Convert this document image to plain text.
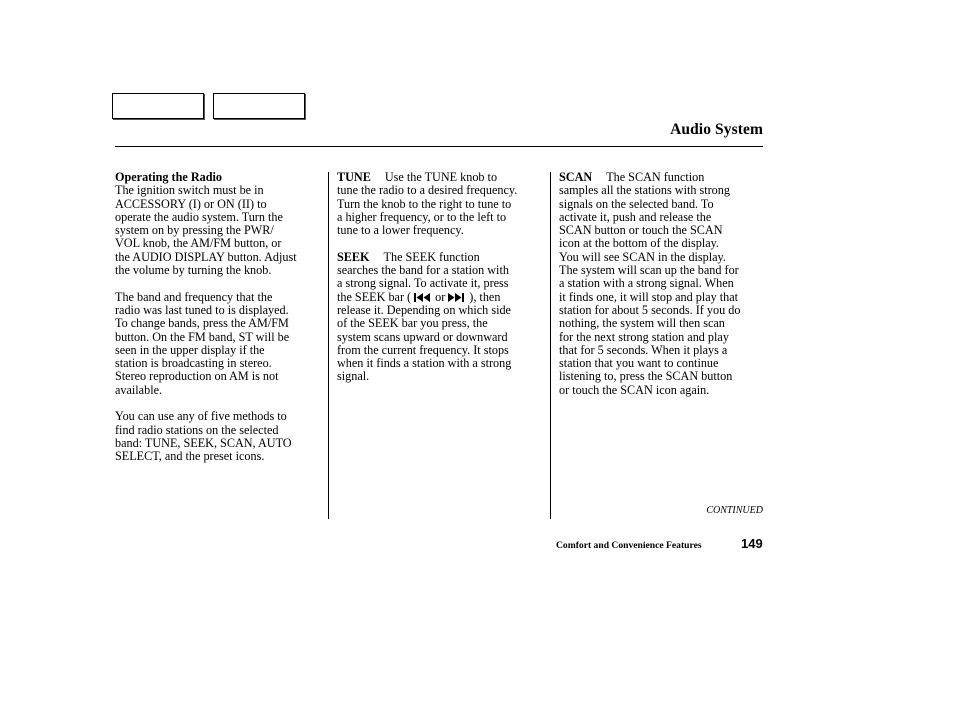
Audio System
Operating the Radio

The ignition switch must be in
ACCESSORY (I) or ON (II) to
operate the audio system. Turn the
system on by pressing the PWR/
VOL knob, the AM/FM button, or
the AUDIO DISPLAY button. Adjust
the volume by turning the knob.

The band and frequency that the
radio was last tuned to is displayed.
To change bands, press the AM/FM
button. On the FM band, ST will be
seen in the upper display if the
station is broadcasting in stereo.
Stereo reproduction on AM is not
available.

You can use any of five methods to
find radio stations on the selected
band: TUNE, SEEK, SCAN, AUTO
SELECT, and the preset icons.

TUNE Use the TUNE knob to
tune the radio to a desired frequency.
Turn the knob to the right to tune to
a higher frequency, or to the left to
tune to a lower frequency.

SEEK The SEEK function
searches the band for a station with
a strong signal. To activate it, press
the SEEK bar ( or ), then
release it. Depending on which side
of the SEEK bar you press, the
system scans upward or downward
from the current frequency. It stops
when it finds a station with a strong
signal.

SCAN The SCAN function
samples all the stations with strong
signals on the selected band. To
activate it, push and release the
SCAN button or touch the SCAN
icon at the bottom of the display.
You will see SCAN in the display.
The system will scan up the band for
a station with a strong signal. When
it finds one, it will stop and play that
station for about 5 seconds. If you do
nothing, the system will then scan
for the next strong station and play
that for 5 seconds. When it plays a
station that you want to continue
listening to, press the SCAN button
or touch the SCAN icon again.

CONTINUED
Comfort and Convenience Features	149
